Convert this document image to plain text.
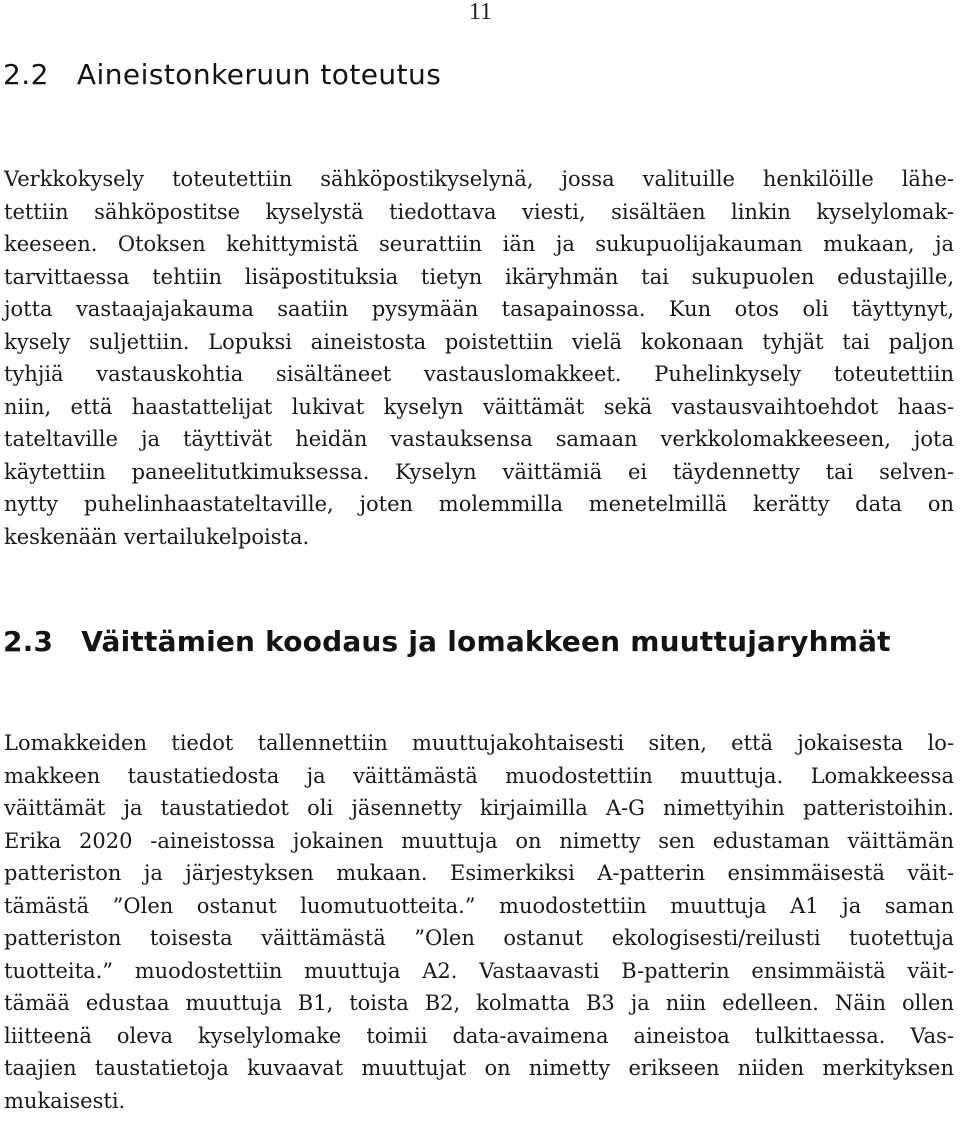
11
2.2 Aineistonkeruun toteutus

Verkkokysely toteutettiin sähköpostikyselynä, jossa valituille henkilöille lähe-
tettiin sähköpostitse kyselystä tiedottava viesti, sisältäen linkin kyselylomak-
keeseen. Otoksen kehittymistä seurattiin iän ja sukupuolijakauman mukaan, ja
tarvittaessa tehtiin lisäpostituksia tietyn ikäryhmän tai sukupuolen edustajille,
jotta vastaajajakauma saatiin pysymään tasapainossa. Kun otos oli täyttynyt,
kysely suljettiin. Lopuksi aineistosta poistettiin vielä kokonaan tyhjät tai paljon
tyhjiä vastauskohtia sisältäneet vastauslomakkeet. Puhelinkysely toteutettiin
niin, että haastattelijat lukivat kyselyn väittämät sekä vastausvaihtoehdot haas-
tateltaville ja täyttivät heidän vastauksensa samaan verkkolomakkeeseen, jota
käytettiin paneelitutkimuksessa. Kyselyn väittämiä ei täydennetty tai selven-
nytty puhelinhaastateltaville, joten molemmilla menetelmillä kerätty data on
keskenään vertailukelpoista.

2.3 Väittämien koodaus ja lomakkeen muuttujaryhmät

Lomakkeiden tiedot tallennettiin muuttujakohtaisesti siten, että jokaisesta lo-
makkeen taustatiedosta ja väittämästä muodostettiin muuttuja. Lomakkeessa
väittämät ja taustatiedot oli jäsennetty kirjaimilla A-G nimettyihin patteristoihin.
Erika 2020 -aineistossa jokainen muuttuja on nimetty sen edustaman väittämän
patteriston ja järjestyksen mukaan. Esimerkiksi A-patterin ensimmäisestä väit-
tämästä ”Olen ostanut luomutuotteita.” muodostettiin muuttuja A1 ja saman
patteriston toisesta väittämästä ”Olen ostanut ekologisesti/reilusti tuotettuja
tuotteita.” muodostettiin muuttuja A2. Vastaavasti B-patterin ensimmäistä väit-
tämää edustaa muuttuja B1, toista B2, kolmatta B3 ja niin edelleen. Näin ollen
liitteenä oleva kyselylomake toimii data-avaimena aineistoa tulkittaessa. Vas-
taajien taustatietoja kuvaavat muuttujat on nimetty erikseen niiden merkityksen
mukaisesti.
